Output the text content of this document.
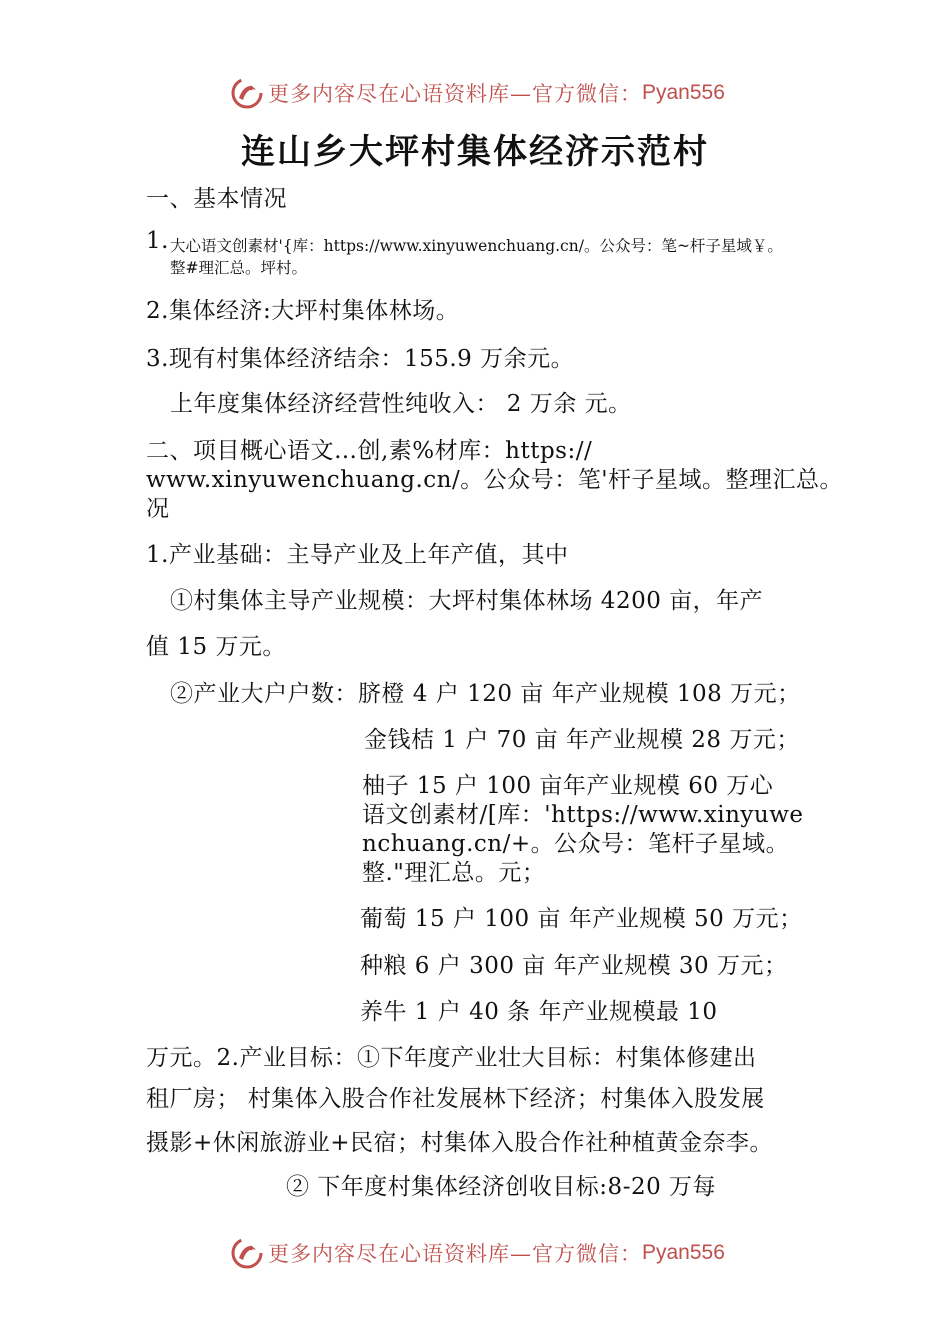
更多内容尽在心语资料库—官方微信： Pyan556
连山乡大坪村集体经济示范村
一、基本情况
1. 大心语文创素材'{库：https://www.xinyuwenchuang.cn/。公众号：笔~杆子星域￥。
整#理汇总。坪村。
2.集体经济:大坪村集体林场。
3.现有村集体经济结余：155.9 万余元。
上年度集体经济经营性纯收入： 2 万余 元。
二、项目概心语文…创,素%材库：https://
www.xinyuwenchuang.cn/。公众号：笔'杆子星域。整理汇总。
况
1.产业基础：主导产业及上年产值，其中
①村集体主导产业规模：大坪村集体林场 4200 亩，年产
值 15 万元。
②产业大户户数：脐橙 4 户 120 亩 年产业规模 108 万元；
金钱桔 1 户 70 亩 年产业规模 28 万元；
柚子 15 户 100 亩年产业规模 60 万心
语文创素材/[库：'https://www.xinyuwe
nchuang.cn/+。公众号：笔杆子星域。
整."理汇总。元；
葡萄 15 户 100 亩 年产业规模 50 万元；
种粮 6 户 300 亩 年产业规模 30 万元；
养牛 1 户 40 条 年产业规模最 10
万元。2.产业目标：①下年度产业壮大目标：村集体修建出
租厂房； 村集体入股合作社发展林下经济；村集体入股发展
摄影+休闲旅游业+民宿；村集体入股合作社种植黄金奈李。
② 下年度村集体经济创收目标:8-20 万每
更多内容尽在心语资料库—官方微信： Pyan556
